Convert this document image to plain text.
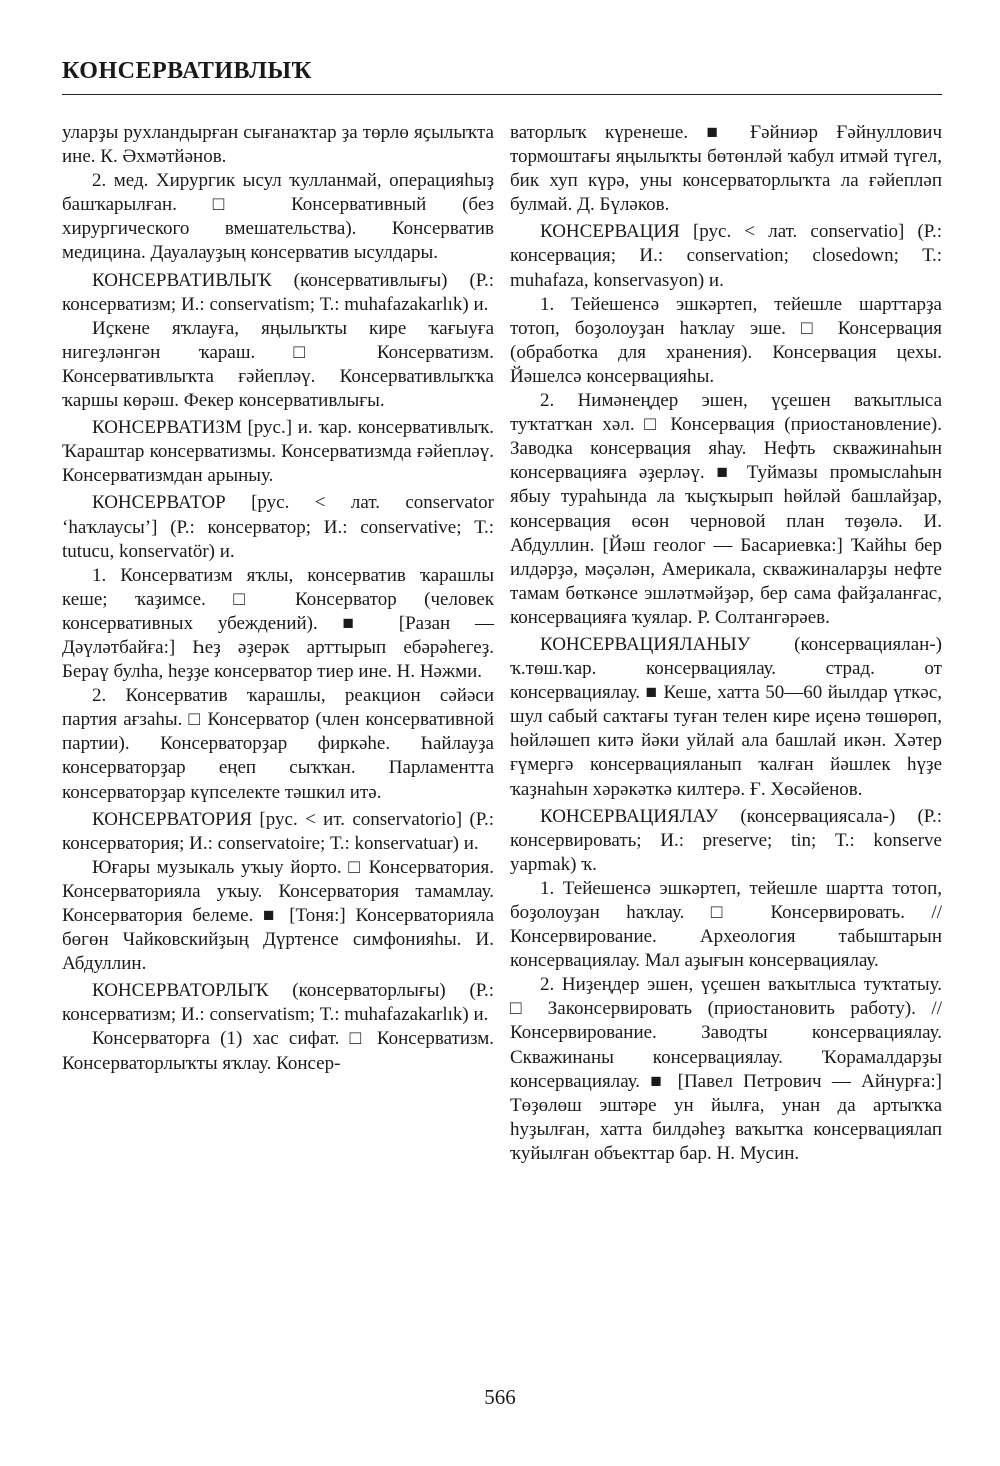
КОНСЕРВАТИВЛЫҠ

уларҙы рухландырған сығанаҡтар ҙа төрлө яҫылыҡта ине. К. Әхмәтйәнов.

2. мед. Хирургик ысул ҡулланмай, операцияһыҙ башҡарылған. □ Консервативный (без хирургического вмешательства). Консерватив медицина. Дауалауҙың консерватив ысулдары.

КОНСЕРВАТИВЛЫҠ (консервативлығы) (Р.: консерватизм; И.: conservatism; Т.: muhafazakarlık) и.

Иҫкене яҡлауға, яңылыҡты кире ҡағыуға нигеҙләнгән ҡараш. □ Консерватизм. Консервативлыҡта ғәйепләү. Консервативлыҡҡа ҡаршы көрәш. Фекер консервативлығы.

КОНСЕРВАТИЗМ [рус.] и. ҡар. консервативлыҡ. Ҡараштар консерватизмы. Консерватизмда ғәйепләү. Консерватизмдан арыныу.

КОНСЕРВАТОР [рус. < лат. conservator ‘һаҡлаусы’] (Р.: консерватор; И.: conservative; Т.: tutucu, konservatör) и.

1. Консерватизм яҡлы, консерватив ҡарашлы кеше; ҡаҙимсе. □ Консерватор (человек консервативных убеждений). ■ [Разан — Дәүләтбайға:] Һеҙ әҙерәк арттырып ебәрәһегеҙ. Бераү булһа, һеҙҙе консерватор тиер ине. Н. Нәжми.

2. Консерватив ҡарашлы, реакцион сәйәси партия ағзаһы. □ Консерватор (член консервативной партии). Консерваторҙар фиркәһе. Һайлауҙа консерваторҙар еңеп сыҡҡан. Парламентта консерваторҙар күпселекте тәшкил итә.

КОНСЕРВАТОРИЯ [рус. < ит. conservatorio] (Р.: консерватория; И.: conservatoire; Т.: konservatuar) и.

Юғары музыкаль уҡыу йорто. □ Консерватория. Консерваторияла уҡыу. Консерватория тамамлау. Консерватория белеме. ■ [Тоня:] Консерваторияла бөгөн Чайковскийҙың Дүртенсе симфонияһы. И. Абдуллин.

КОНСЕРВАТОРЛЫҠ (консерваторлығы) (Р.: консерватизм; И.: conservatism; Т.: muhafazakarlık) и.

Консерваторға (1) хас сифат. □ Консерватизм. Консерваторлыҡты яҡлау. Консер-

ваторлыҡ күренеше. ■ Ғәйниәр Ғәйнуллович тормоштағы яңылыҡты бөтөнләй ҡабул итмәй түгел, бик хуп күрә, уны консерваторлыҡта ла ғәйепләп булмай. Д. Бүләков.

КОНСЕРВАЦИЯ [рус. < лат. conservatio] (Р.: консервация; И.: conservation; closedown; Т.: muhafaza, konservasyon) и.

1. Тейешенсә эшкәртеп, тейешле шарттарҙа тотоп, боҙолоуҙан һаҡлау эше. □ Консервация (обработка для хранения). Консервация цехы. Йәшелсә консервацияһы.

2. Нимәнеңдер эшен, үҫешен ваҡытлыса туҡтатҡан хәл. □ Консервация (приостановление). Заводка консервация яһау. Нефть скважинаһын консервацияға әҙерләү. ■ Туймазы промыслаһын ябыу тураһында ла ҡыҫҡырып һөйләй башлайҙар, консервация өсөн черновой план төҙөлә. И. Абдуллин. [Йәш геолог — Басариевка:] Ҡайһы бер илдәрҙә, мәҫәлән, Америкала, скважиналарҙы нефте тамам бөткәнсе эшләтмәйҙәр, бер сама файҙаланғас, консервацияға ҡуялар. Р. Солтангәрәев.

КОНСЕРВАЦИЯЛАНЫУ (консервациялан-) ҡ.төш.ҡар. консервациялау. страд. от консервациялау. ■ Кеше, хатта 50—60 йылдар үткәс, шул сабый саҡтағы туған телен кире иҫенә төшөрөп, һөйләшеп китә йәки уйлай ала башлай икән. Хәтер ғүмергә консервацияланып ҡалған йәшлек һүҙе ҡаҙнаһын хәрәкәткә килтерә. Ғ. Хөсәйенов.

КОНСЕРВАЦИЯЛАУ (консервациясала-) (Р.: консервировать; И.: preserve; tin; Т.: konserve yapmak) ҡ.

1. Тейешенсә эшкәртеп, тейешле шартта тотоп, боҙолоуҙан һаҡлау. □ Консервировать. // Консервирование. Археология табыштарын консервациялау. Мал аҙығын консервациялау.

2. Ниҙеңдер эшен, үҫешен ваҡытлыса туҡтатыу. □ Законсервировать (приостановить работу). // Консервирование. Заводты консервациялау. Скважинаны консервациялау. Ҡорамалдарҙы консервациялау. ■ [Павел Петрович — Айнурға:] Төҙөлөш эштәре ун йылға, унан да артыҡҡа һуҙылған, хатта билдәһеҙ ваҡытҡа консервациялап ҡуйылған объекттар бар. Н. Мусин.

566
